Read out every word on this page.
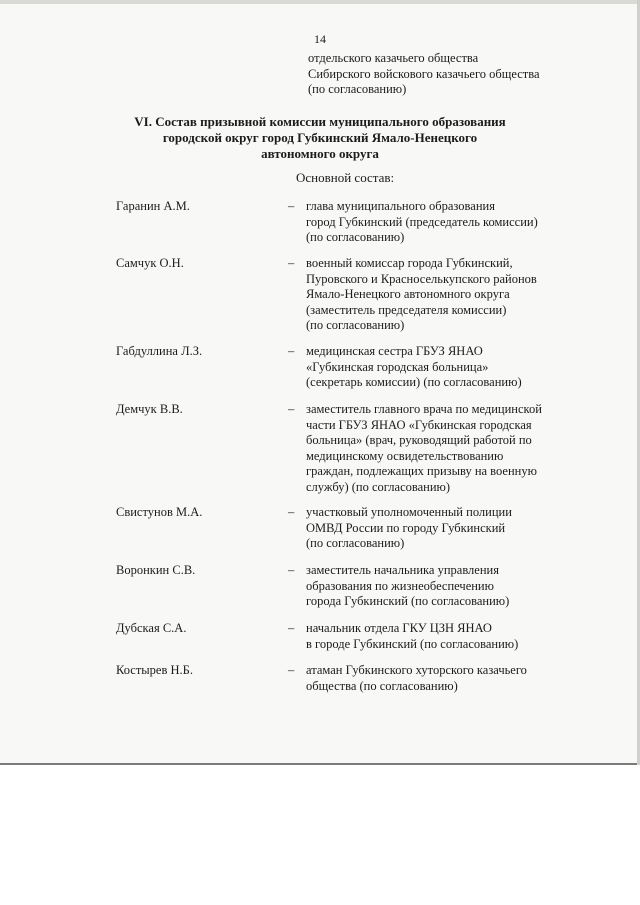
14
отдельского казачьего общества
Сибирского войскового казачьего общества
(по согласованию)
VI. Состав призывной комиссии муниципального образования
городской округ город Губкинский Ямало-Ненецкого
автономного округа
Основной состав:
Гаранин А.М.	– глава муниципального образования
город Губкинский (председатель комиссии)
(по согласованию)
Самчук О.Н.	– военный комиссар города Губкинский,
Пуровского и Красноселькупского районов
Ямало-Ненецкого автономного округа
(заместитель председателя комиссии)
(по согласованию)
Габдуллина Л.З.	– медицинская сестра ГБУЗ ЯНАО
«Губкинская городская больница»
(секретарь комиссии) (по согласованию)
Демчук В.В.	– заместитель главного врача по медицинской
части ГБУЗ ЯНАО «Губкинская городская
больница» (врач, руководящий работой по
медицинскому освидетельствованию
граждан, подлежащих призыву на военную
службу) (по согласованию)
Свистунов М.А.	– участковый уполномоченный полиции
ОМВД России по городу Губкинский
(по согласованию)
Воронкин С.В.	– заместитель начальника управления
образования по жизнеобеспечению
города Губкинский (по согласованию)
Дубская С.А.	– начальник отдела ГКУ ЦЗН ЯНАО
в городе Губкинский (по согласованию)
Костырев Н.Б.	– атаман Губкинского хуторского казачьего
общества (по согласованию)
